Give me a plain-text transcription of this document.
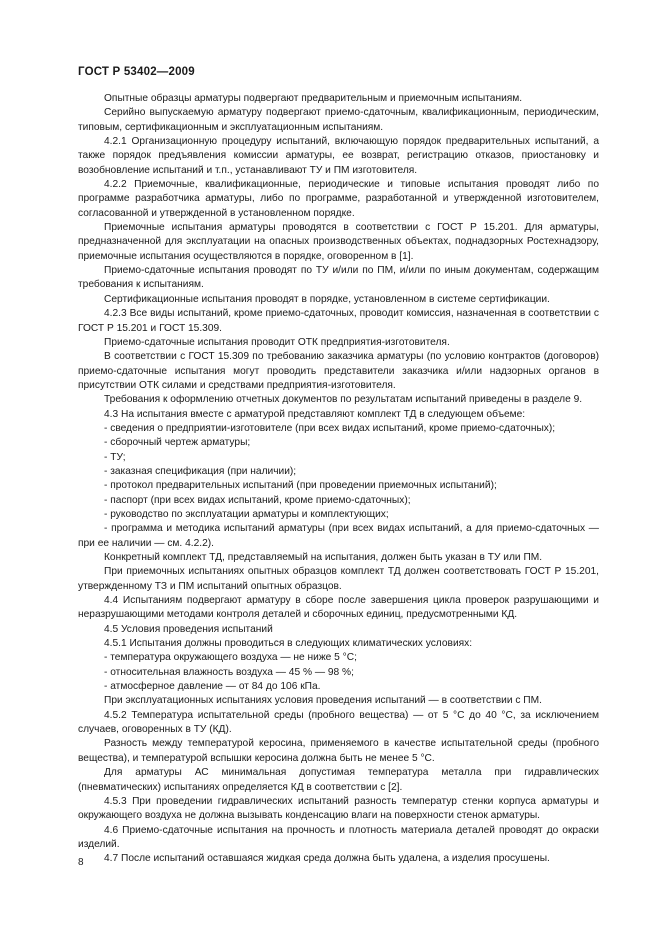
ГОСТ Р 53402—2009

Опытные образцы арматуры подвергают предварительным и приемочным испытаниям.

Серийно выпускаемую арматуру подвергают приемо-сдаточным, квалификационным, периодическим, типовым, сертификационным и эксплуатационным испытаниям.

4.2.1 Организационную процедуру испытаний, включающую порядок предварительных испытаний, а также порядок предъявления комиссии арматуры, ее возврат, регистрацию отказов, приостановку и возобновление испытаний и т.п., устанавливают ТУ и ПМ изготовителя.

4.2.2 Приемочные, квалификационные, периодические и типовые испытания проводят либо по программе разработчика арматуры, либо по программе, разработанной и утвержденной изготовителем, согласованной и утвержденной в установленном порядке.

Приемочные испытания арматуры проводятся в соответствии с ГОСТ Р 15.201. Для арматуры, предназначенной для эксплуатации на опасных производственных объектах, поднадзорных Ростехнадзору, приемочные испытания осуществляются в порядке, оговоренном в [1].

Приемо-сдаточные испытания проводят по ТУ и/или по ПМ, и/или по иным документам, содержащим требования к испытаниям.

Сертификационные испытания проводят в порядке, установленном в системе сертификации.

4.2.3 Все виды испытаний, кроме приемо-сдаточных, проводит комиссия, назначенная в соответствии с ГОСТ Р 15.201 и ГОСТ 15.309.

Приемо-сдаточные испытания проводит ОТК предприятия-изготовителя.

В соответствии с ГОСТ 15.309 по требованию заказчика арматуры (по условию контрактов (договоров) приемо-сдаточные испытания могут проводить представители заказчика и/или надзорных органов в присутствии ОТК силами и средствами предприятия-изготовителя.

Требования к оформлению отчетных документов по результатам испытаний приведены в разделе 9.

4.3 На испытания вместе с арматурой представляют комплект ТД в следующем объеме:

- сведения о предприятии-изготовителе (при всех видах испытаний, кроме приемо-сдаточных);

- сборочный чертеж арматуры;

- ТУ;

- заказная спецификация (при наличии);

- протокол предварительных испытаний (при проведении приемочных испытаний);

- паспорт (при всех видах испытаний, кроме приемо-сдаточных);

- руководство по эксплуатации арматуры и комплектующих;

- программа и методика испытаний арматуры (при всех видах испытаний, а для приемо-сдаточных — при ее наличии — см. 4.2.2).

Конкретный комплект ТД, представляемый на испытания, должен быть указан в ТУ или ПМ.

При приемочных испытаниях опытных образцов комплект ТД должен соответствовать ГОСТ Р 15.201, утвержденному ТЗ и ПМ испытаний опытных образцов.

4.4 Испытаниям подвергают арматуру в сборе после завершения цикла проверок разрушающими и неразрушающими методами контроля деталей и сборочных единиц, предусмотренными КД.

4.5 Условия проведения испытаний

4.5.1 Испытания должны проводиться в следующих климатических условиях:

- температура окружающего воздуха — не ниже 5 °С;

- относительная влажность воздуха — 45 % — 98 %;

- атмосферное давление — от 84 до 106 кПа.

При эксплуатационных испытаниях условия проведения испытаний — в соответствии с ПМ.

4.5.2 Температура испытательной среды (пробного вещества) — от 5 °С до 40 °С, за исключением случаев, оговоренных в ТУ (КД).

Разность между температурой керосина, применяемого в качестве испытательной среды (пробного вещества), и температурой вспышки керосина должна быть не менее 5 °С.

Для арматуры АС минимальная допустимая температура металла при гидравлических (пневматических) испытаниях определяется КД в соответствии с [2].

4.5.3 При проведении гидравлических испытаний разность температур стенки корпуса арматуры и окружающего воздуха не должна вызывать конденсацию влаги на поверхности стенок арматуры.

4.6 Приемо-сдаточные испытания на прочность и плотность материала деталей проводят до окраски изделий.

4.7 После испытаний оставшаяся жидкая среда должна быть удалена, а изделия просушены.

8
